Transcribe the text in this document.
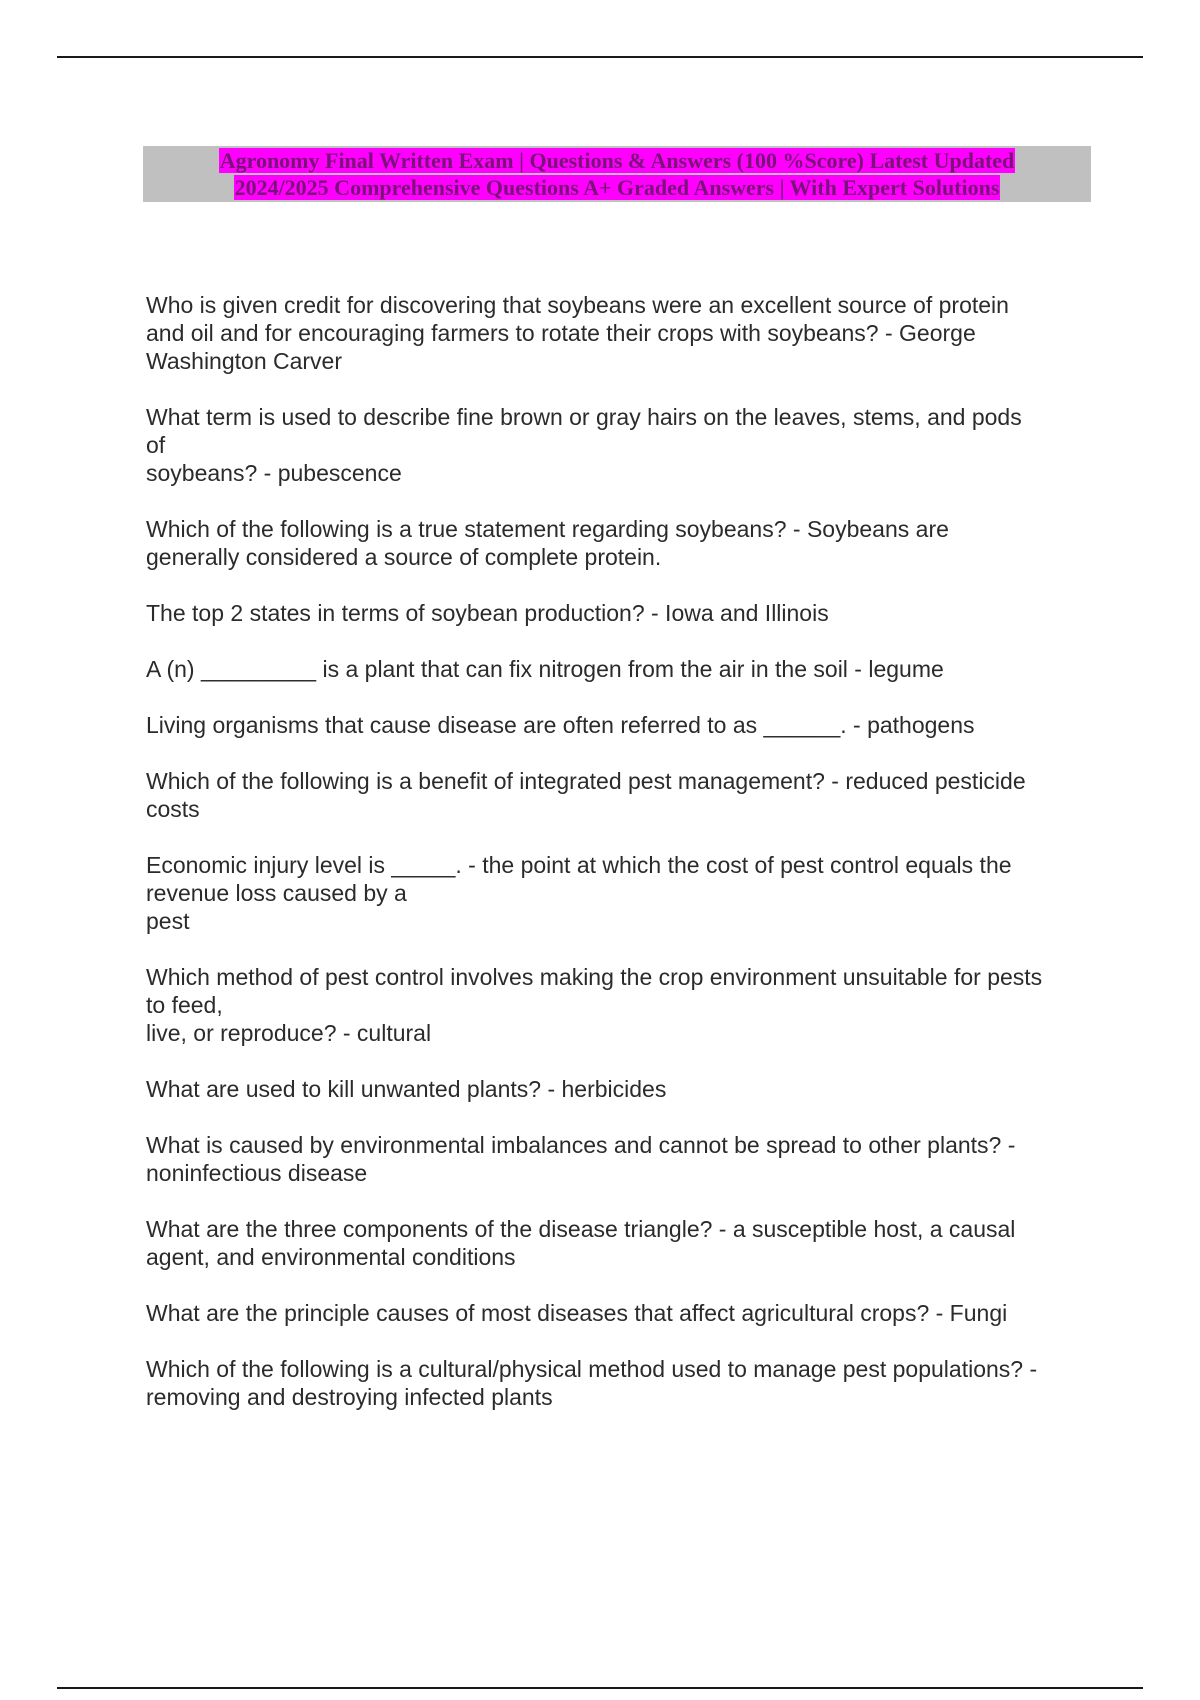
Agronomy Final Written Exam | Questions & Answers (100 %Score) Latest Updated
2024/2025 Comprehensive Questions A+ Graded Answers | With Expert Solutions
Who is given credit for discovering that soybeans were an excellent source of protein
and oil and for encouraging farmers to rotate their crops with soybeans? - George
Washington Carver
What term is used to describe fine brown or gray hairs on the leaves, stems, and pods
of
soybeans? - pubescence
Which of the following is a true statement regarding soybeans? - Soybeans are
generally considered a source of complete protein.
The top 2 states in terms of soybean production? - Iowa and Illinois
A (n) _________ is a plant that can fix nitrogen from the air in the soil - legume
Living organisms that cause disease are often referred to as ______. - pathogens
Which of the following is a benefit of integrated pest management? - reduced pesticide
costs
Economic injury level is _____. - the point at which the cost of pest control equals the
revenue loss caused by a
pest
Which method of pest control involves making the crop environment unsuitable for pests
to feed,
live, or reproduce? - cultural
What are used to kill unwanted plants? - herbicides
What is caused by environmental imbalances and cannot be spread to other plants? -
noninfectious disease
What are the three components of the disease triangle? - a susceptible host, a causal
agent, and environmental conditions
What are the principle causes of most diseases that affect agricultural crops? - Fungi
Which of the following is a cultural/physical method used to manage pest populations? -
removing and destroying infected plants
